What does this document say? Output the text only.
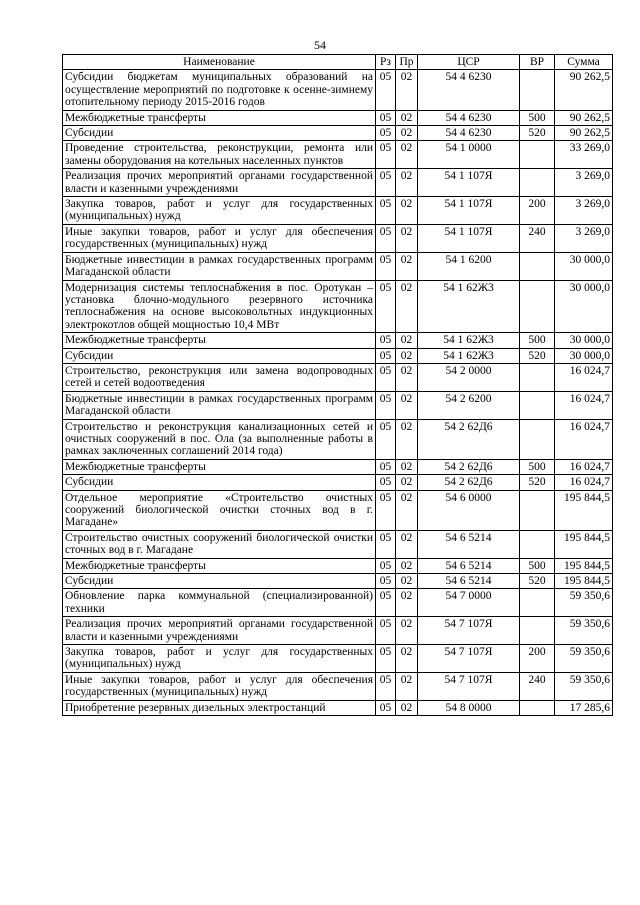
54
Наименование	Рз	Пр	ЦСР	ВР	Сумма
Субсидии бюджетам муниципальных образований на осуществление мероприятий по подготовке к осенне-зимнему отопительному периоду 2015-2016 годов	05	02	54 4 6230		90 262,5
Межбюджетные трансферты	05	02	54 4 6230	500	90 262,5
Субсидии	05	02	54 4 6230	520	90 262,5
Проведение строительства, реконструкции, ремонта или замены оборудования на котельных населенных пунктов	05	02	54 1 0000		33 269,0
Реализация прочих мероприятий органами государственной власти и казенными учреждениями	05	02	54 1 107Я		3 269,0
Закупка товаров, работ и услуг для государственных (муниципальных) нужд	05	02	54 1 107Я	200	3 269,0
Иные закупки товаров, работ и услуг для обеспечения государственных (муниципальных) нужд	05	02	54 1 107Я	240	3 269,0
Бюджетные инвестиции в рамках государственных программ Магаданской области	05	02	54 1 6200		30 000,0
Модернизация системы теплоснабжения в пос. Оротукан – установка блочно-модульного резервного источника теплоснабжения на основе высоковольтных индукционных электрокотлов общей мощностью 10,4 МВт	05	02	54 1 62Ж3		30 000,0
Межбюджетные трансферты	05	02	54 1 62Ж3	500	30 000,0
Субсидии	05	02	54 1 62Ж3	520	30 000,0
Строительство, реконструкция или замена водопроводных сетей и сетей водоотведения	05	02	54 2 0000		16 024,7
Бюджетные инвестиции в рамках государственных программ Магаданской области	05	02	54 2 6200		16 024,7
Строительство и реконструкция канализационных сетей и очистных сооружений в пос. Ола (за выполненные работы в рамках заключенных соглашений 2014 года)	05	02	54 2 62Д6		16 024,7
Межбюджетные трансферты	05	02	54 2 62Д6	500	16 024,7
Субсидии	05	02	54 2 62Д6	520	16 024,7
Отдельное мероприятие «Строительство очистных сооружений биологической очистки сточных вод в г. Магадане»	05	02	54 6 0000		195 844,5
Строительство очистных сооружений биологической очистки сточных вод в г. Магадане	05	02	54 6 5214		195 844,5
Межбюджетные трансферты	05	02	54 6 5214	500	195 844,5
Субсидии	05	02	54 6 5214	520	195 844,5
Обновление парка коммунальной (специализированной) техники	05	02	54 7 0000		59 350,6
Реализация прочих мероприятий органами государственной власти и казенными учреждениями	05	02	54 7 107Я		59 350,6
Закупка товаров, работ и услуг для государственных (муниципальных) нужд	05	02	54 7 107Я	200	59 350,6
Иные закупки товаров, работ и услуг для обеспечения государственных (муниципальных) нужд	05	02	54 7 107Я	240	59 350,6
Приобретение резервных дизельных электростанций	05	02	54 8 0000		17 285,6
